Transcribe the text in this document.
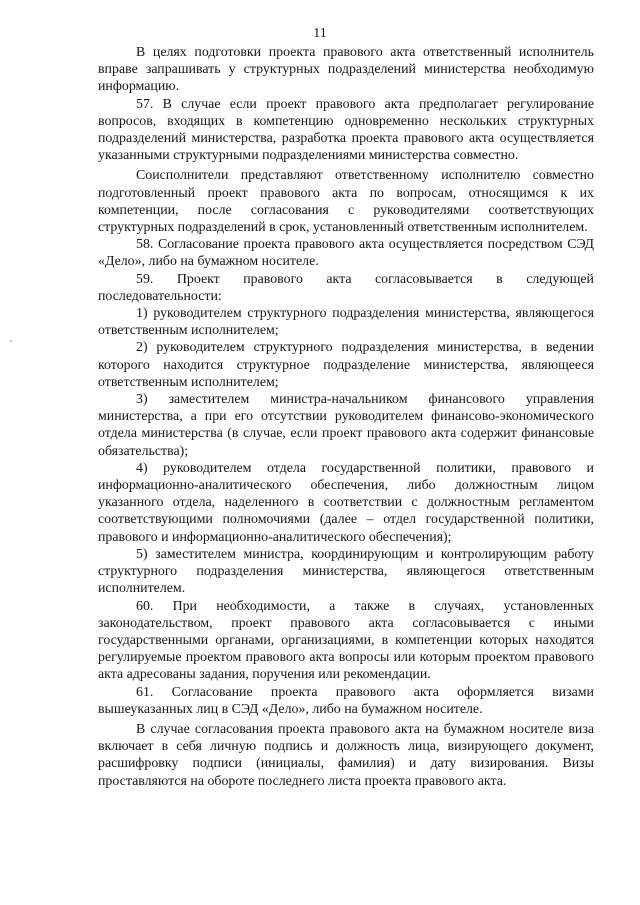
11

В целях подготовки проекта правового акта ответственный исполнитель вправе запрашивать у структурных подразделений министерства необходимую информацию.

57. В случае если проект правового акта предполагает регулирование вопросов, входящих в компетенцию одновременно нескольких структурных подразделений министерства, разработка проекта правового акта осуществляется указанными структурными подразделениями министерства совместно.

Соисполнители представляют ответственному исполнителю совместно подготовленный проект правового акта по вопросам, относящимся к их компетенции, после согласования с руководителями соответствующих структурных подразделений в срок, установленный ответственным исполнителем.

58. Согласование проекта правового акта осуществляется посредством СЭД «Дело», либо на бумажном носителе.

59. Проект правового акта согласовывается в следующей последовательности:

1) руководителем структурного подразделения министерства, являющегося ответственным исполнителем;

2) руководителем структурного подразделения министерства, в ведении которого находится структурное подразделение министерства, являющееся ответственным исполнителем;

3) заместителем министра-начальником финансового управления министерства, а при его отсутствии руководителем финансово-экономического отдела министерства (в случае, если проект правового акта содержит финансовые обязательства);

4) руководителем отдела государственной политики, правового и информационно-аналитического обеспечения, либо должностным лицом указанного отдела, наделенного в соответствии с должностным регламентом соответствующими полномочиями (далее – отдел государственной политики, правового и информационно-аналитического обеспечения);

5) заместителем министра, координирующим и контролирующим работу структурного подразделения министерства, являющегося ответственным исполнителем.

60. При необходимости, а также в случаях, установленных законодательством, проект правового акта согласовывается с иными государственными органами, организациями, в компетенции которых находятся регулируемые проектом правового акта вопросы или которым проектом правового акта адресованы задания, поручения или рекомендации.

61. Согласование проекта правового акта оформляется визами вышеуказанных лиц в СЭД «Дело», либо на бумажном носителе.

В случае согласования проекта правового акта на бумажном носителе виза включает в себя личную подпись и должность лица, визирующего документ, расшифровку подписи (инициалы, фамилия) и дату визирования. Визы проставляются на обороте последнего листа проекта правового акта.
